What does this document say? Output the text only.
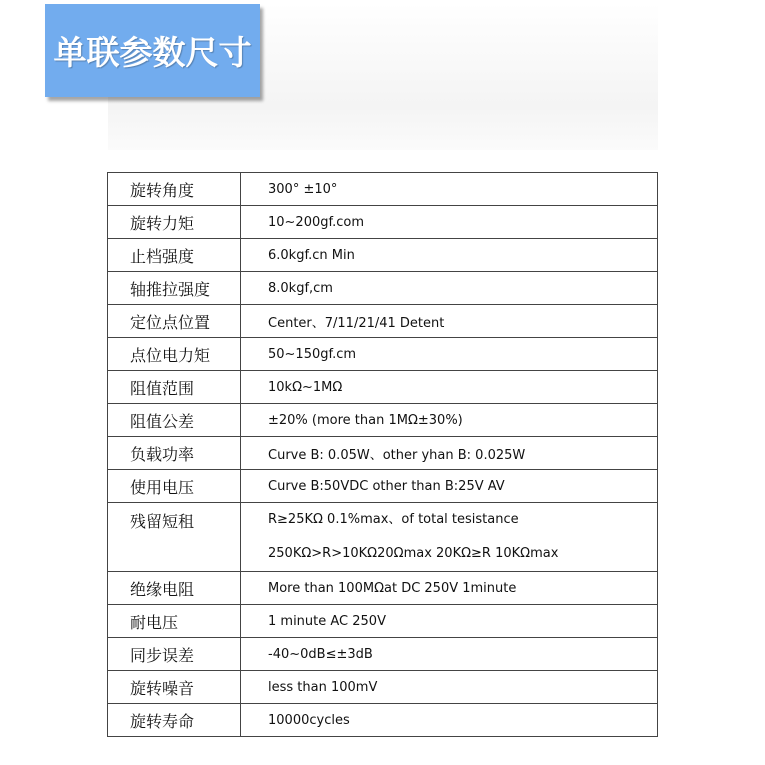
单联参数尺寸
旋转角度	300° ±10°
旋转力矩	10~200gf.com
止档强度	6.0kgf.cn Min
轴推拉强度	8.0kgf,cm
定位点位置	Center、7/11/21/41 Detent
点位电力矩	50~150gf.cm
阻值范围	10kΩ~1MΩ
阻值公差	±20% (more than 1MΩ±30%)
负载功率	Curve B: 0.05W、other yhan B: 0.025W
使用电压	Curve B:50VDC other than B:25V AV
残留短租	R≥25KΩ 0.1%max、of total tesistance
250KΩ>R>10KΩ20Ωmax 20KΩ≥R 10KΩmax

绝缘电阻	More than 100MΩat DC 250V 1minute
耐电压	1 minute AC 250V
同步误差	-40~0dB≤±3dB
旋转噪音	less than 100mV
旋转寿命	10000cycles
